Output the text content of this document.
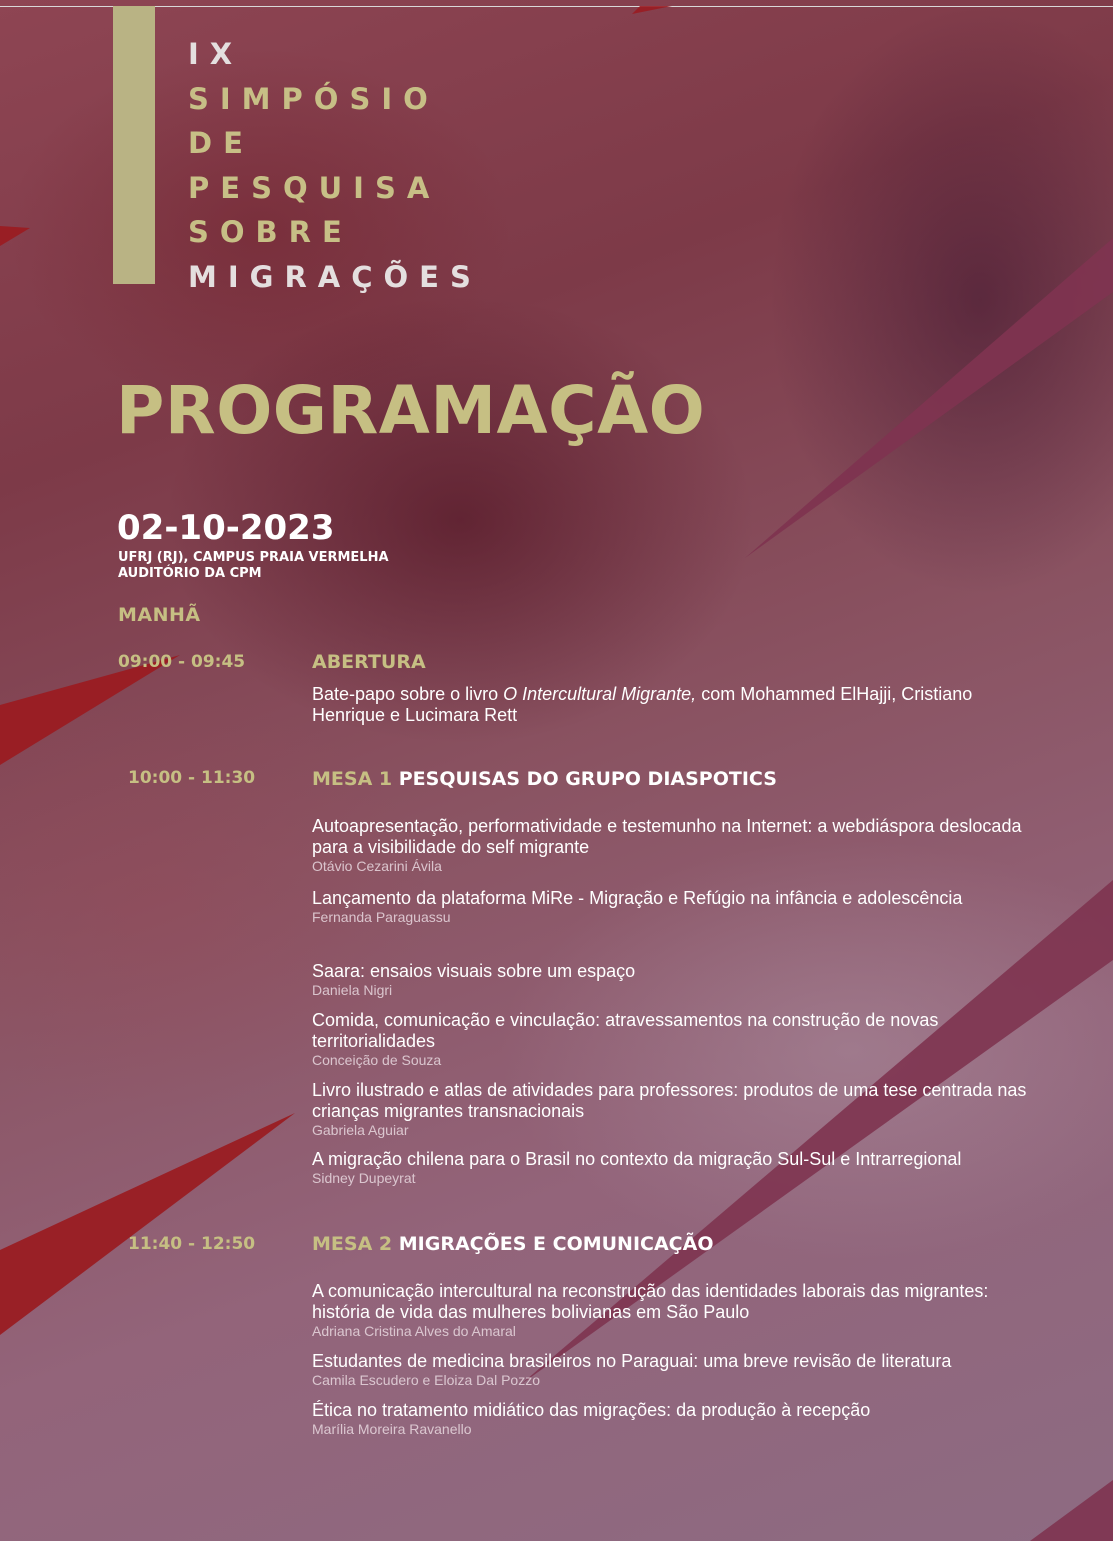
IX
SIMPÓSIO
DE
PESQUISA
SOBRE
MIGRAÇÕES
PROGRAMAÇÃO
02-10-2023
UFRJ (RJ), CAMPUS PRAIA VERMELHA
AUDITÓRIO DA CPM
MANHÃ
09:00 - 09:45	ABERTURA
Bate-papo sobre o livro O Intercultural Migrante, com Mohammed ElHajji, Cristiano Henrique e Lucimara Rett
10:00 - 11:30	MESA 1 PESQUISAS DO GRUPO DIASPOTICS
Autoapresentação, performatividade e testemunho na Internet: a webdiáspora deslocada para a visibilidade do self migrante
Otávio Cezarini Ávila
Lançamento da plataforma MiRe - Migração e Refúgio na infância e adolescência
Fernanda Paraguassu
Saara: ensaios visuais sobre um espaço
Daniela Nigri
Comida, comunicação e vinculação: atravessamentos na construção de novas territorialidades
Conceição de Souza
Livro ilustrado e atlas de atividades para professores: produtos de uma tese centrada nas crianças migrantes transnacionais
Gabriela Aguiar
A migração chilena para o Brasil no contexto da migração Sul-Sul e Intrarregional
Sidney Dupeyrat
11:40 - 12:50	MESA 2 MIGRAÇÕES E COMUNICAÇÃO
A comunicação intercultural na reconstrução das identidades laborais das migrantes: história de vida das mulheres bolivianas em São Paulo
Adriana Cristina Alves do Amaral
Estudantes de medicina brasileiros no Paraguai: uma breve revisão de literatura
Camila Escudero e Eloiza Dal Pozzo
Ética no tratamento midiático das migrações: da produção à recepção
Marília Moreira Ravanello
